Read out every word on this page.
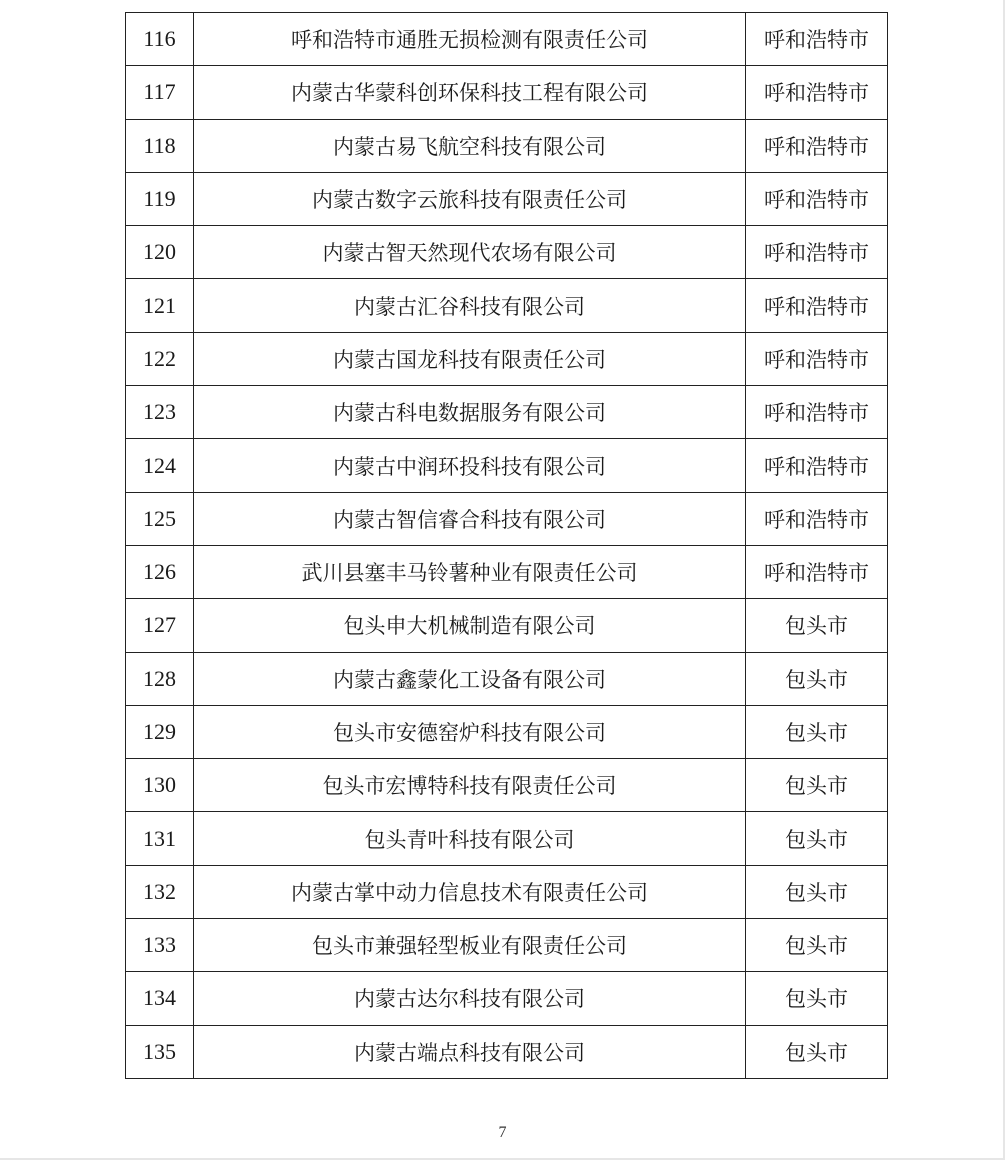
116	呼和浩特市通胜无损检测有限责任公司	呼和浩特市
117	内蒙古华蒙科创环保科技工程有限公司	呼和浩特市
118	内蒙古易飞航空科技有限公司	呼和浩特市
119	内蒙古数字云旅科技有限责任公司	呼和浩特市
120	内蒙古智天然现代农场有限公司	呼和浩特市
121	内蒙古汇谷科技有限公司	呼和浩特市
122	内蒙古国龙科技有限责任公司	呼和浩特市
123	内蒙古科电数据服务有限公司	呼和浩特市
124	内蒙古中润环投科技有限公司	呼和浩特市
125	内蒙古智信睿合科技有限公司	呼和浩特市
126	武川县塞丰马铃薯种业有限责任公司	呼和浩特市
127	包头申大机械制造有限公司	包头市
128	内蒙古鑫蒙化工设备有限公司	包头市
129	包头市安德窑炉科技有限公司	包头市
130	包头市宏博特科技有限责任公司	包头市
131	包头青叶科技有限公司	包头市
132	内蒙古掌中动力信息技术有限责任公司	包头市
133	包头市兼强轻型板业有限责任公司	包头市
134	内蒙古达尔科技有限公司	包头市
135	内蒙古端点科技有限公司	包头市
7
